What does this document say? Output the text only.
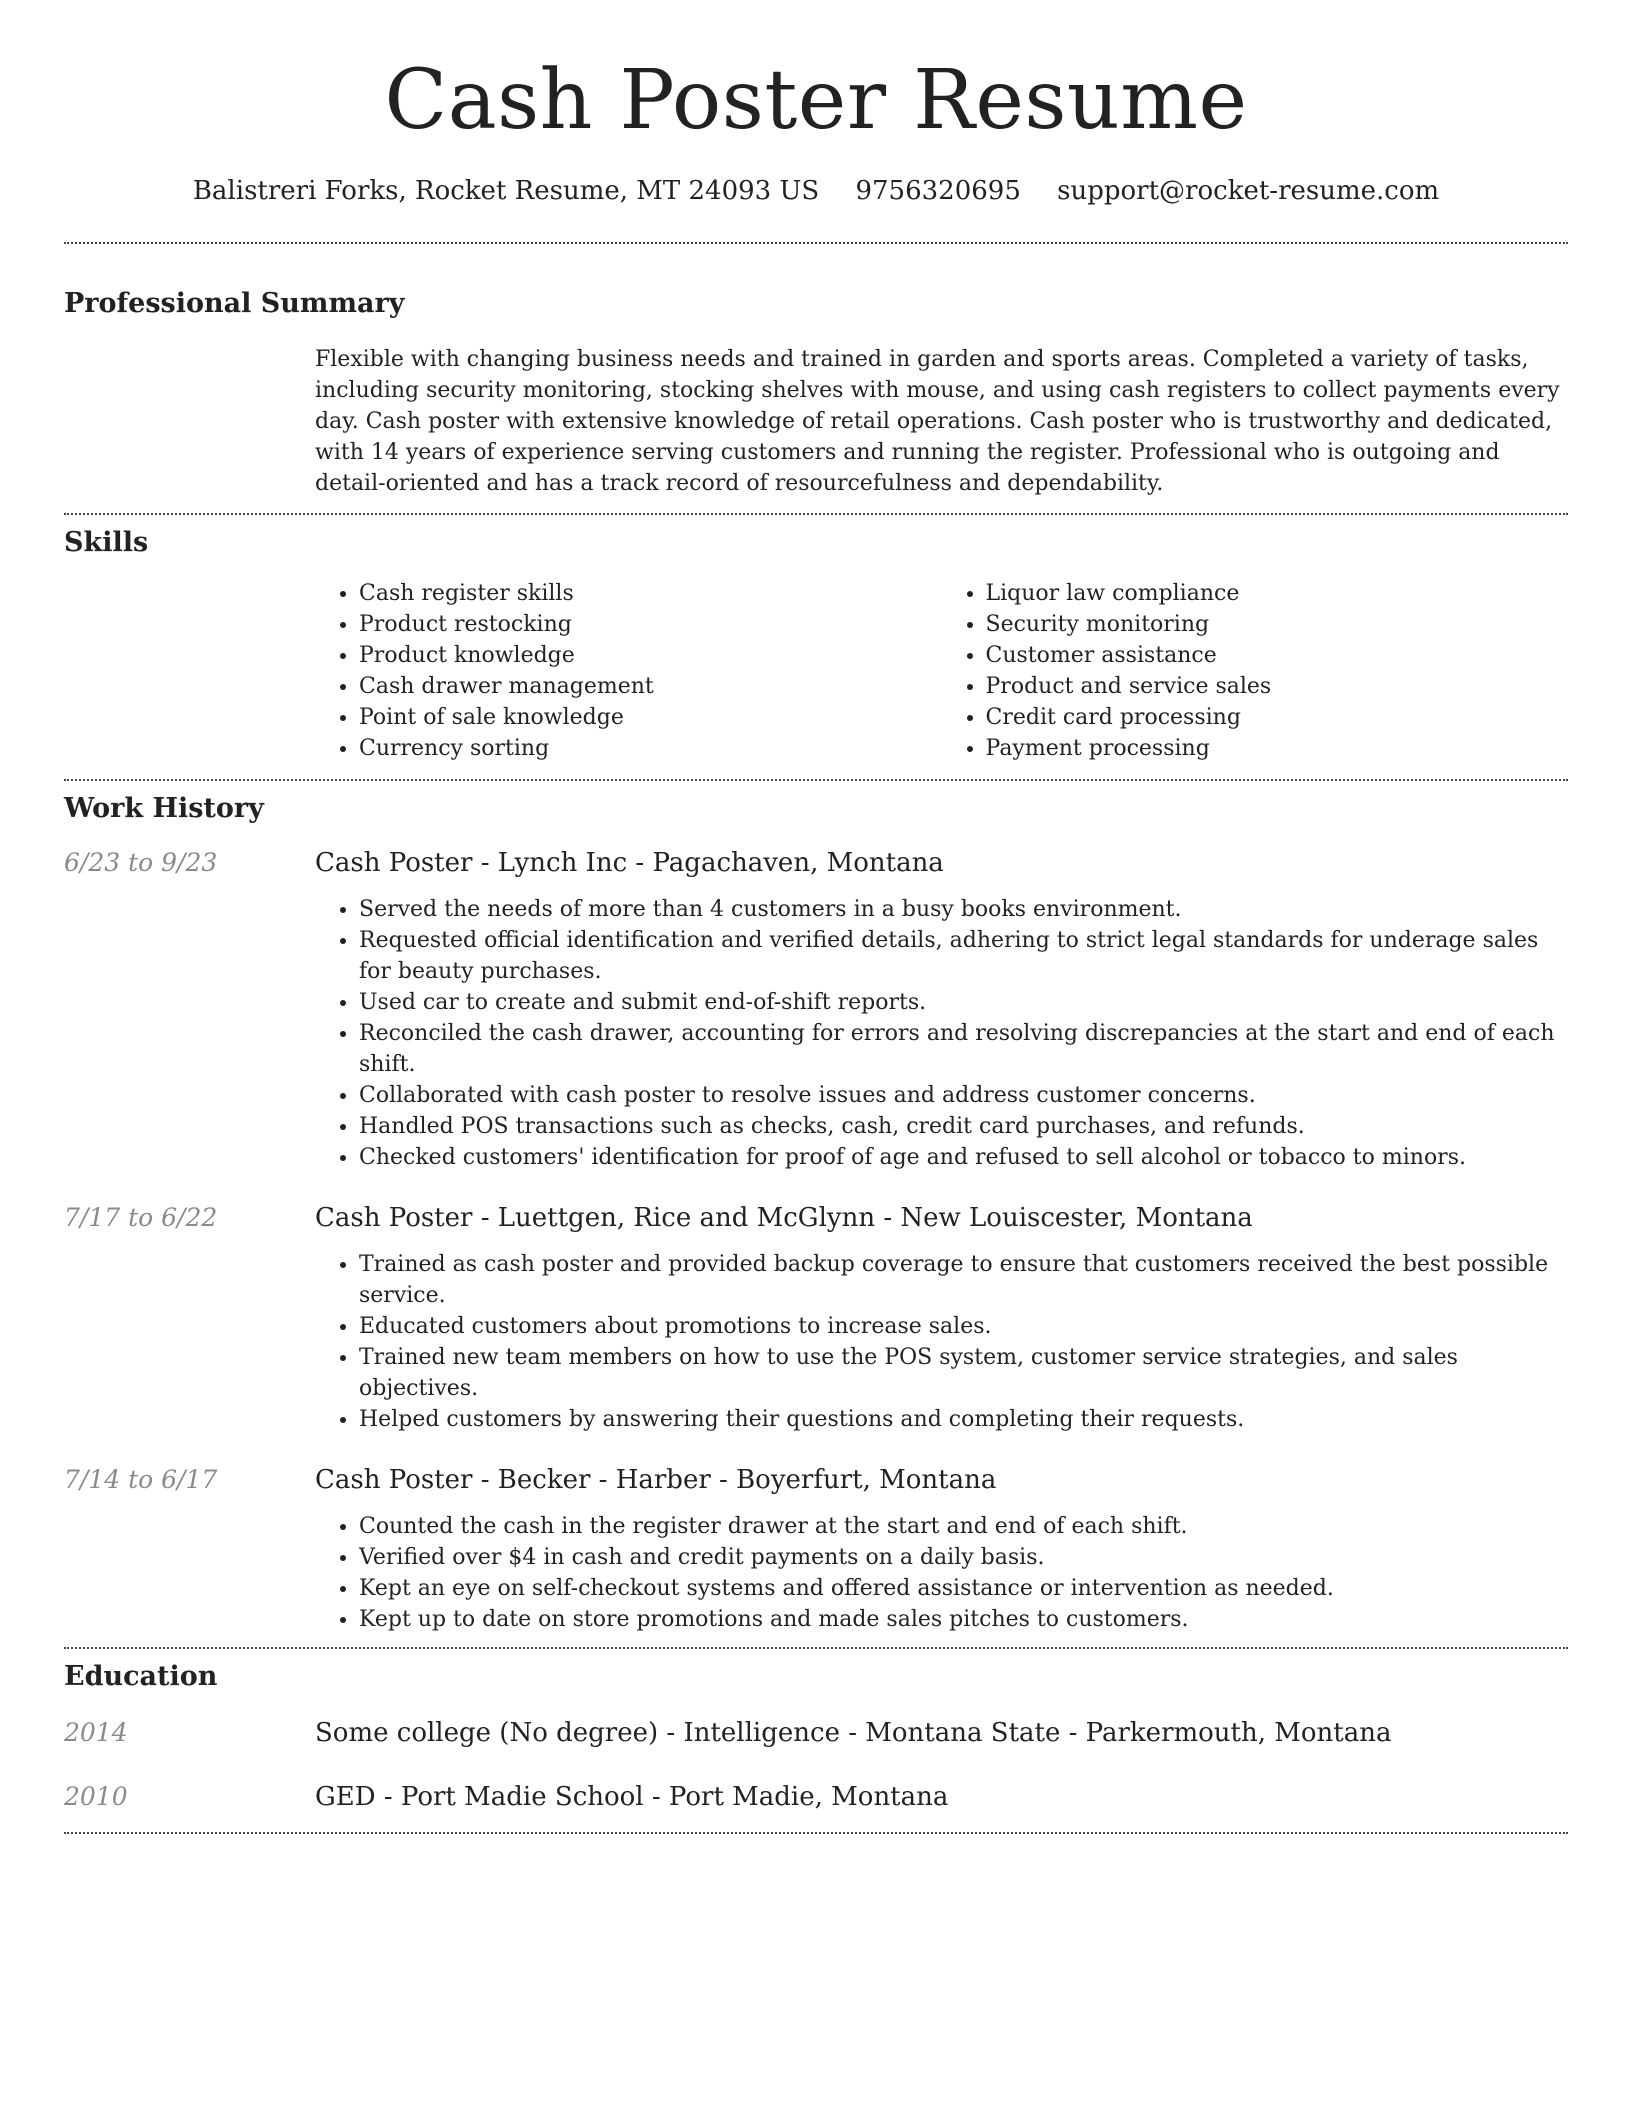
Cash Poster Resume
Balistreri Forks, Rocket Resume, MT 24093 US 9756320695 support@rocket-resume.com
Professional Summary

Flexible with changing business needs and trained in garden and sports areas. Completed a variety of tasks, including security monitoring, stocking shelves with mouse, and using cash registers to collect payments every day. Cash poster with extensive knowledge of retail operations. Cash poster who is trustworthy and dedicated, with 14 years of experience serving customers and running the register. Professional who is outgoing and detail-oriented and has a track record of resourcefulness and dependability.

Skills
• Cash register skills
• Product restocking
• Product knowledge
• Cash drawer management
• Point of sale knowledge
• Currency sorting
• Liquor law compliance
• Security monitoring
• Customer assistance
• Product and service sales
• Credit card processing
• Payment processing
Work History
6/23 to 9/23	Cash Poster - Lynch Inc - Pagachaven, Montana
• Served the needs of more than 4 customers in a busy books environment.
• Requested official identification and verified details, adhering to strict legal standards for underage sales for beauty purchases.
• Used car to create and submit end-of-shift reports.
• Reconciled the cash drawer, accounting for errors and resolving discrepancies at the start and end of each shift.
• Collaborated with cash poster to resolve issues and address customer concerns.
• Handled POS transactions such as checks, cash, credit card purchases, and refunds.
• Checked customers' identification for proof of age and refused to sell alcohol or tobacco to minors.
7/17 to 6/22	Cash Poster - Luettgen, Rice and McGlynn - New Louiscester, Montana
• Trained as cash poster and provided backup coverage to ensure that customers received the best possible service.
• Educated customers about promotions to increase sales.
• Trained new team members on how to use the POS system, customer service strategies, and sales objectives.
• Helped customers by answering their questions and completing their requests.
7/14 to 6/17	Cash Poster - Becker - Harber - Boyerfurt, Montana
• Counted the cash in the register drawer at the start and end of each shift.
• Verified over $4 in cash and credit payments on a daily basis.
• Kept an eye on self-checkout systems and offered assistance or intervention as needed.
• Kept up to date on store promotions and made sales pitches to customers.
Education
2014	Some college (No degree) - Intelligence - Montana State - Parkermouth, Montana
2010	GED - Port Madie School - Port Madie, Montana
